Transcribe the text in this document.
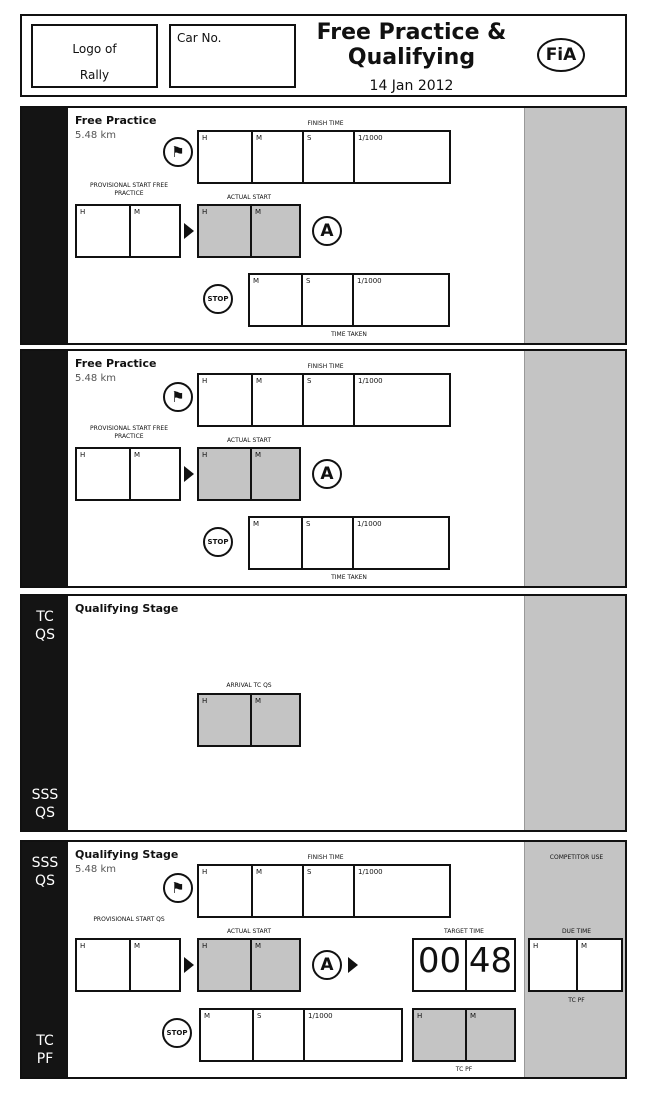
Logo of
Rally
Car No.	Free Practice &
Qualifying
14 Jan 2012
FiA
Free Practice
5.48 km
FINISH TIME
⚑
H	M	S	1/1000
PROVISIONAL START FREE PRACTICE
H	M
ACTUAL START
H	M
A
STOP
M	S	1/1000
TIME TAKEN
Free Practice
5.48 km
FINISH TIME
⚑
H	M	S	1/1000
PROVISIONAL START FREE PRACTICE
H	M
ACTUAL START
H	M
A
STOP
M	S	1/1000
TIME TAKEN
TC
QS
SSS
QS
Qualifying Stage
ARRIVAL TC QS
H	M
SSS
QS
TC
PF
Qualifying Stage
5.48 km
FINISH TIME
⚑
H	M	S	1/1000
PROVISIONAL START QS
H	M
ACTUAL START
H	M
A
TARGET TIME
00 48
COMPETITOR USE
DUE TIME
H	M
TC PF
STOP
M	S	1/1000	H	M
TC PF
